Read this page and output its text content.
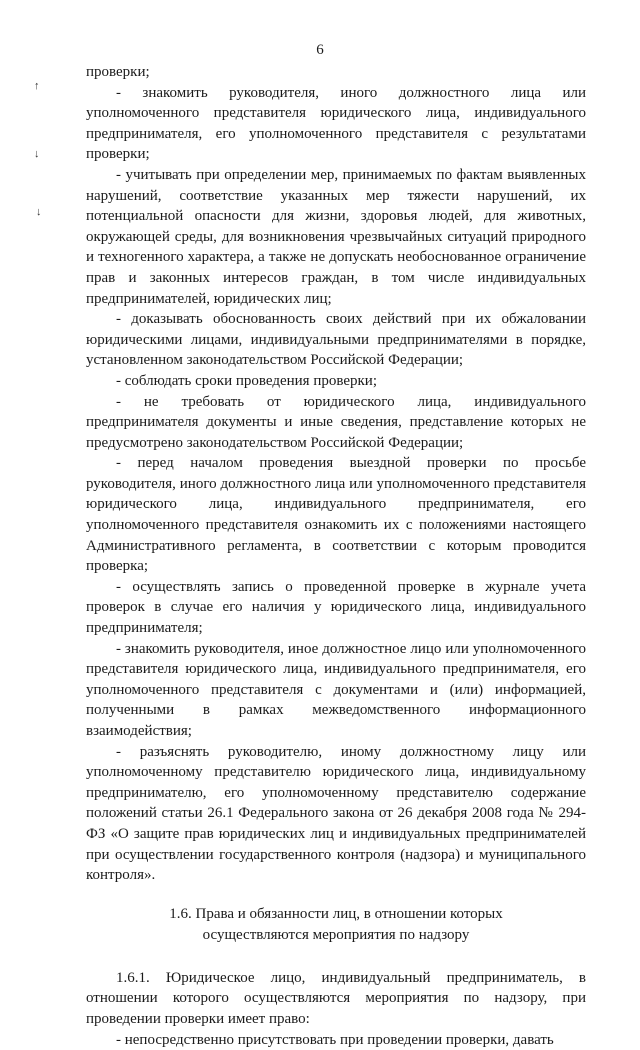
6
↑
↓
↓

проверки;

- знакомить руководителя, иного должностного лица или уполномоченного представителя юридического лица, индивидуального предпринимателя, его уполномоченного представителя с результатами проверки;

- учитывать при определении мер, принимаемых по фактам выявленных нарушений, соответствие указанных мер тяжести нарушений, их потенциальной опасности для жизни, здоровья людей, для животных, окружающей среды, для возникновения чрезвычайных ситуаций природного и техногенного характера, а также не допускать необоснованное ограничение прав и законных интересов граждан, в том числе индивидуальных предпринимателей, юридических лиц;

- доказывать обоснованность своих действий при их обжаловании юридическими лицами, индивидуальными предпринимателями в порядке, установленном законодательством Российской Федерации;

- соблюдать сроки проведения проверки;

- не требовать от юридического лица, индивидуального предпринимателя документы и иные сведения, представление которых не предусмотрено законодательством Российской Федерации;

- перед началом проведения выездной проверки по просьбе руководителя, иного должностного лица или уполномоченного представителя юридического лица, индивидуального предпринимателя, его уполномоченного представителя ознакомить их с положениями настоящего Административного регламента, в соответствии с которым проводится проверка;

- осуществлять запись о проведенной проверке в журнале учета проверок в случае его наличия у юридического лица, индивидуального предпринимателя;

- знакомить руководителя, иное должностное лицо или уполномоченного представителя юридического лица, индивидуального предпринимателя, его уполномоченного представителя с документами и (или) информацией, полученными в рамках межведомственного информационного взаимодействия;

- разъяснять руководителю, иному должностному лицу или уполномоченному представителю юридического лица, индивидуальному предпринимателю, его уполномоченному представителю содержание положений статьи 26.1 Федерального закона от 26 декабря 2008 года № 294-ФЗ «О защите прав юридических лиц и индивидуальных предпринимателей при осуществлении государственного контроля (надзора) и муниципального контроля».

1.6. Права и обязанности лиц, в отношении которых
осуществляются мероприятия по надзору

1.6.1. Юридическое лицо, индивидуальный предприниматель, в отношении которого осуществляются мероприятия по надзору, при проведении проверки имеет право:

- непосредственно присутствовать при проведении проверки, давать
